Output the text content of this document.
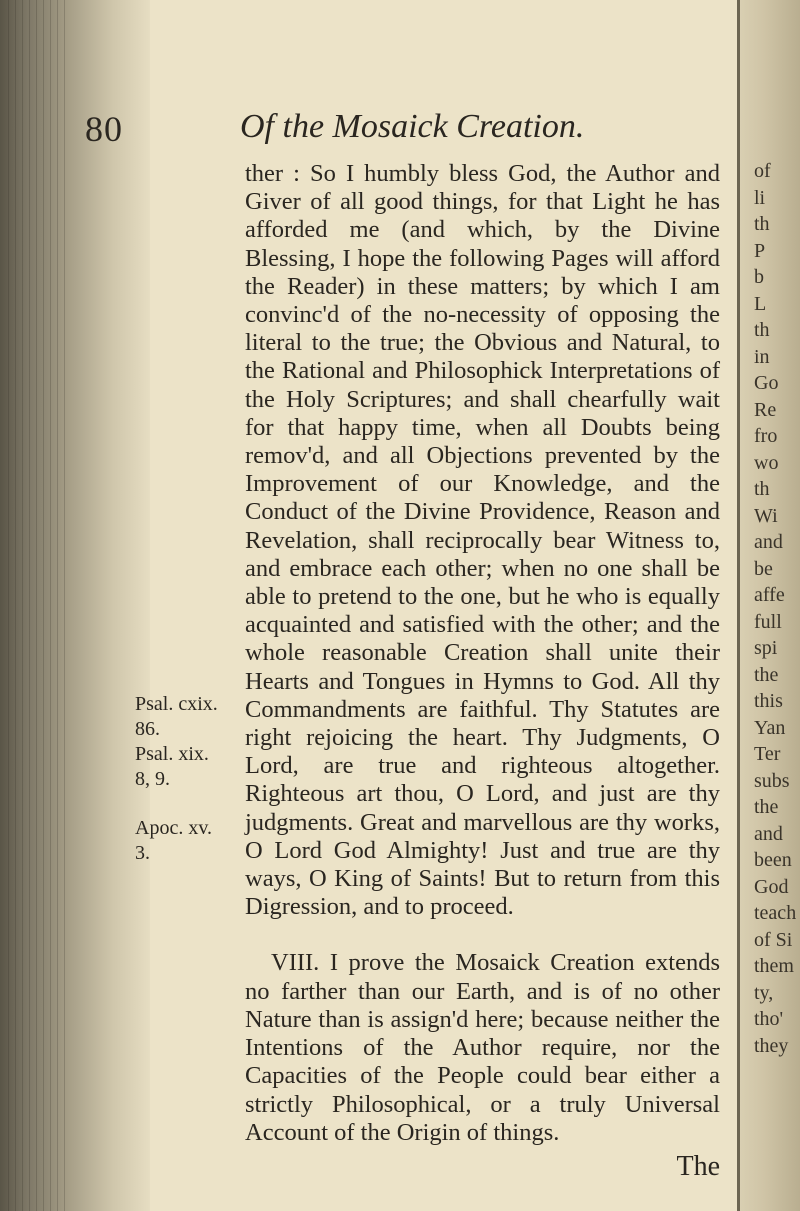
of
li
th
P
b
L
th
in
Go
Re
fro
wo
th
Wi
and
be
affe
full
spi
the
this
Yan
Ter
subs
the
and
been
God
teach
of Si
them
ty,
tho'
they
80	Of the Mosaick Creation.
Psal. cxix.
86.
Psal. xix.
8, 9.
Apoc. xv.
3.

ther : So I humbly bless God, the Author and Giver of all good things, for that Light he has afforded me (and which, by the Divine Blessing, I hope the following Pages will afford the Reader) in these matters; by which I am convinc'd of the no-necessity of opposing the literal to the true; the Obvious and Natural, to the Rational and Philosophick Interpretations of the Holy Scriptures; and shall chearfully wait for that happy time, when all Doubts being remov'd, and all Objections prevented by the Improvement of our Knowledge, and the Conduct of the Divine Providence, Reason and Revelation, shall reciprocally bear Witness to, and embrace each other; when no one shall be able to pretend to the one, but he who is equally acquainted and satisfied with the other; and the whole reasonable Creation shall unite their Hearts and Tongues in Hymns to God. All thy Commandments are faithful. Thy Statutes are right rejoicing the heart. Thy Judgments, O Lord, are true and righteous altogether. Righteous art thou, O Lord, and just are thy judgments. Great and marvellous are thy works, O Lord God Almighty! Just and true are thy ways, O King of Saints! But to return from this Digression, and to proceed.

VIII. I prove the Mosaick Creation extends no farther than our Earth, and is of no other Nature than is assign'd here; because neither the Intentions of the Author require, nor the Capacities of the People could bear either a strictly Philosophical, or a truly Universal Account of the Origin of things.

The
